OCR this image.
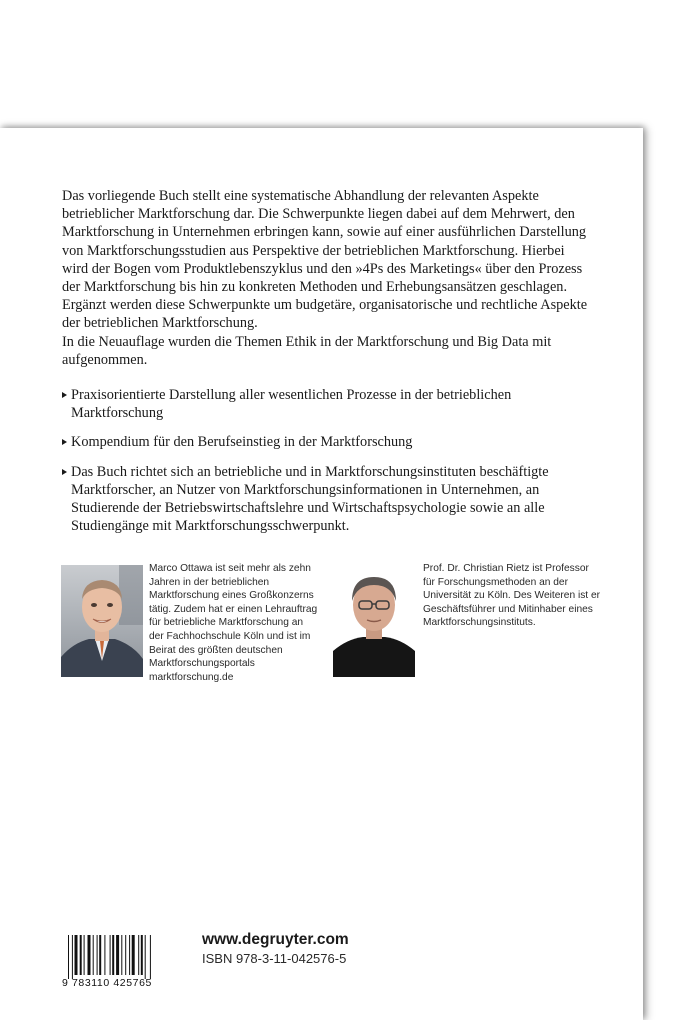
Das vorliegende Buch stellt eine systematische Abhandlung der relevanten Aspekte betrieblicher Marktforschung dar. Die Schwerpunkte liegen dabei auf dem Mehrwert, den Marktforschung in Unternehmen erbringen kann, sowie auf einer ausführlichen Darstellung von Marktforschungsstudien aus Perspektive der betrieblichen Marktforschung. Hierbei wird der Bogen vom Produktlebenszyklus und den »4Ps des Marketings« über den Prozess der Marktforschung bis hin zu konkreten Methoden und Erhebungsansätzen geschlagen. Ergänzt werden diese Schwerpunkte um budgetäre, organisatorische und rechtliche Aspekte der betrieblichen Marktforschung.

In die Neuauflage wurden die Themen Ethik in der Marktforschung und Big Data mit aufgenommen.

Praxisorientierte Darstellung aller wesentlichen Prozesse in der betrieblichen Marktforschung
Kompendium für den Berufseinstieg in der Marktforschung
Das Buch richtet sich an betriebliche und in Marktforschungsinstituten beschäftigte Marktforscher, an Nutzer von Marktforschungsinformationen in Unternehmen, an Studierende der Betriebswirtschaftslehre und Wirtschaftspsychologie sowie an alle Studiengänge mit Marktforschungsschwerpunkt.
Marco Ottawa ist seit mehr als zehn Jahren in der betrieblichen Marktforschung eines Großkonzerns tätig. Zudem hat er einen Lehrauftrag für betriebliche Marktforschung an der Fachhochschule Köln und ist im Beirat des größten deutschen Marktforschungsportals marktforschung.de
Prof. Dr. Christian Rietz ist Professor für Forschungsmethoden an der Universität zu Köln. Des Weiteren ist er Geschäftsführer und Mitinhaber eines Marktforschungsinstituts.
9 783110 425765
www.degruyter.com
ISBN 978-3-11-042576-5
